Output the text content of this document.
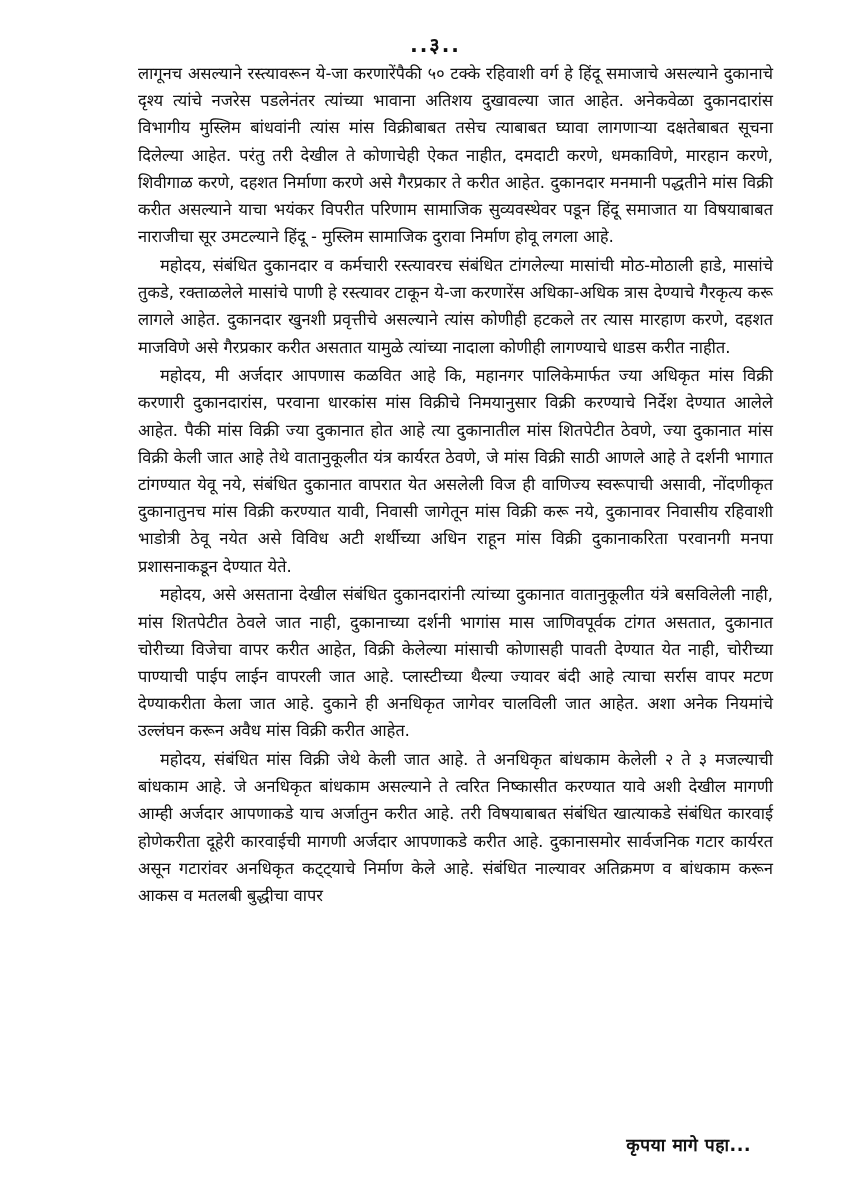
..३..

लागूनच असल्याने रस्त्यावरून ये-जा करणारेंपैकी ५० टक्के रहिवाशी वर्ग हे हिंदू समाजाचे असल्याने दुकानाचे दृश्य त्यांचे नजरेस पडलेनंतर त्यांच्या भावाना अतिशय दुखावल्या जात आहेत. अनेकवेळा दुकानदारांस विभागीय मुस्लिम बांधवांनी त्यांस मांस विक्रीबाबत तसेच त्याबाबत घ्यावा लागणाऱ्या दक्षतेबाबत सूचना दिलेल्या आहेत. परंतु तरी देखील ते कोणाचेही ऐकत नाहीत, दमदाटी करणे, धमकाविणे, मारहान करणे, शिवीगाळ करणे, दहशत निर्माणा करणे असे गैरप्रकार ते करीत आहेत. दुकानदार मनमानी पद्धतीने मांस विक्री करीत असल्याने याचा भयंकर विपरीत परिणाम सामाजिक सुव्यवस्थेवर पडून हिंदू समाजात या विषयाबाबत नाराजीचा सूर उमटल्याने हिंदू - मुस्लिम सामाजिक दुरावा निर्माण होवू लगला आहे.

महोदय, संबंधित दुकानदार व कर्मचारी रस्त्यावरच संबंधित टांगलेल्या मासांची मोठ-मोठाली हाडे, मासांचे तुकडे, रक्ताळलेले मासांचे पाणी हे रस्त्यावर टाकून ये-जा करणारेंस अधिका-अधिक त्रास देण्याचे गैरकृत्य करू लागले आहेत. दुकानदार खुनशी प्रवृत्तीचे असल्याने त्यांस कोणीही हटकले तर त्यास मारहाण करणे, दहशत माजविणे असे गैरप्रकार करीत असतात यामुळे त्यांच्या नादाला कोणीही लागण्याचे धाडस करीत नाहीत.

महोदय, मी अर्जदार आपणास कळवित आहे कि, महानगर पालिकेमार्फत ज्या अधिकृत मांस विक्री करणारी दुकानदारांस, परवाना धारकांस मांस विक्रीचे निमयानुसार विक्री करण्याचे निर्देश देण्यात आलेले आहेत. पैकी मांस विक्री ज्या दुकानात होत आहे त्या दुकानातील मांस शितपेटीत ठेवणे, ज्या दुकानात मांस विक्री केली जात आहे तेथे वातानुकूलीत यंत्र कार्यरत ठेवणे, जे मांस विक्री साठी आणले आहे ते दर्शनी भागात टांगण्यात येवू नये, संबंधित दुकानात वापरात येत असलेली विज ही वाणिज्य स्वरूपाची असावी, नोंदणीकृत दुकानातुनच मांस विक्री करण्यात यावी, निवासी जागेतून मांस विक्री करू नये, दुकानावर निवासीय रहिवाशी भाडोत्री ठेवू नयेत असे विविध अटी शर्थीच्या अधिन राहून मांस विक्री दुकानाकरिता परवानगी मनपा प्रशासनाकडून देण्यात येते.

महोदय, असे असताना देखील संबंधित दुकानदारांनी त्यांच्या दुकानात वातानुकूलीत यंत्रे बसविलेली नाही, मांस शितपेटीत ठेवले जात नाही, दुकानाच्या दर्शनी भागांस मास जाणिवपूर्वक टांगत असतात, दुकानात चोरीच्या विजेचा वापर करीत आहेत, विक्री केलेल्या मांसाची कोणासही पावती देण्यात येत नाही, चोरीच्या पाण्याची पाईप लाईन वापरली जात आहे. प्लास्टीच्या थैल्या ज्यावर बंदी आहे त्याचा सर्रास वापर मटण देण्याकरीता केला जात आहे. दुकाने ही अनधिकृत जागेवर चालविली जात आहेत. अशा अनेक नियमांचे उल्लंघन करून अवैध मांस विक्री करीत आहेत.

महोदय, संबंधित मांस विक्री जेथे केली जात आहे. ते अनधिकृत बांधकाम केलेली २ ते ३ मजल्याची बांधकाम आहे. जे अनधिकृत बांधकाम असल्याने ते त्वरित निष्कासीत करण्यात यावे अशी देखील मागणी आम्ही अर्जदार आपणाकडे याच अर्जातुन करीत आहे. तरी विषयाबाबत संबंधित खात्याकडे संबंधित कारवाई होणेकरीता दूहेरी कारवाईची मागणी अर्जदार आपणाकडे करीत आहे. दुकानासमोर सार्वजनिक गटार कार्यरत असून गटारांवर अनधिकृत कट्ट्याचे निर्माण केले आहे. संबंधित नाल्यावर अतिक्रमण व बांधकाम करून आकस व मतलबी बुद्धीचा वापर

कृपया मागे पहा...
